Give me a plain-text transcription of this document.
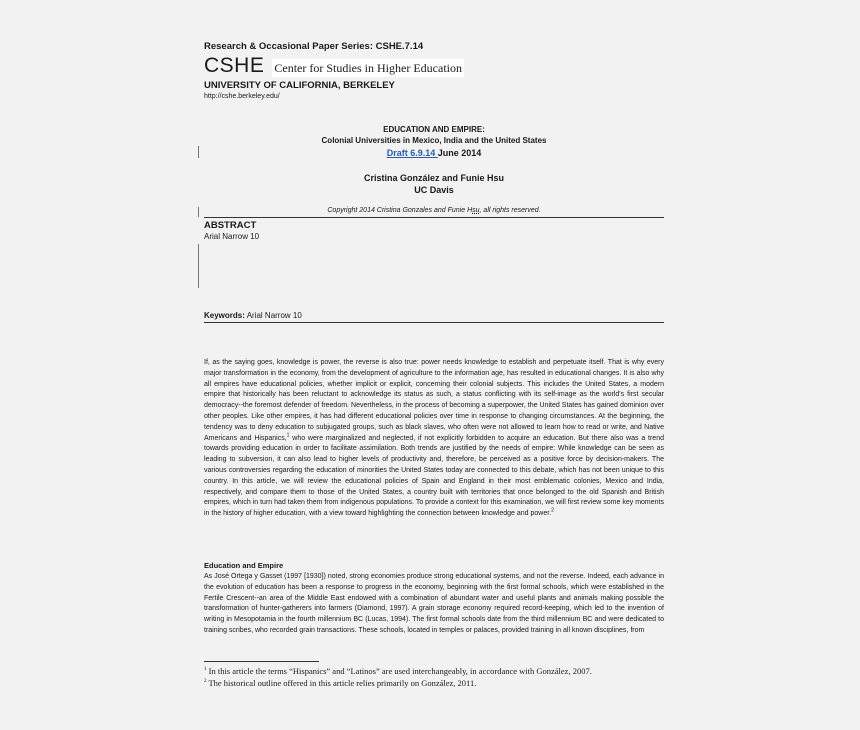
Research & Occasional Paper Series: CSHE.7.14
CSHE Center for Studies in Higher Education
UNIVERSITY OF CALIFORNIA, BERKELEY
http://cshe.berkeley.edu/
EDUCATION AND EMPIRE:
Colonial Universities in Mexico, India and the United States
Draft 6.9.14 June 2014
Cristina González and Funie Hsu
UC Davis
Copyright 2014 Cristina Gonzales and Funie Hsu, all rights reserved.
ABSTRACT
Arial Narrow 10
Keywords: Arial Narrow 10
If, as the saying goes, knowledge is power, the reverse is also true: power needs knowledge to establish and perpetuate itself. That is why every major transformation in the economy, from the development of agriculture to the information age, has resulted in educational changes. It is also why all empires have educational policies, whether implicit or explicit, concerning their colonial subjects. This includes the United States, a modern empire that historically has been reluctant to acknowledge its status as such, a status conflicting with its self-image as the world's first secular democracy--the foremost defender of freedom. Nevertheless, in the process of becoming a superpower, the United States has gained dominion over other peoples. Like other empires, it has had different educational policies over time in response to changing circumstances. At the beginning, the tendency was to deny education to subjugated groups, such as black slaves, who often were not allowed to learn how to read or write, and Native Americans and Hispanics,$^1$ who were marginalized and neglected, if not explicitly forbidden to acquire an education. But there also was a trend towards providing education in order to facilitate assimilation. Both trends are justified by the needs of empire: While knowledge can be seen as leading to subversion, it can also lead to higher levels of productivity and, therefore, be perceived as a positive force by decision-makers. The various controversies regarding the education of minorities the United States today are connected to this debate, which has not been unique to this country. In this article, we will review the educational policies of Spain and England in their most emblematic colonies, Mexico and India, respectively, and compare them to those of the United States, a country built with territories that once belonged to the old Spanish and British empires, which in turn had taken them from indigenous populations. To provide a context for this examination, we will first review some key moments in the history of higher education, with a view toward highlighting the connection between knowledge and power.$^2$
Education and Empire
As José Ortega y Gasset (1997 [1930]) noted, strong economies produce strong educational systems, and not the reverse. Indeed, each advance in the evolution of education has been a response to progress in the economy, beginning with the first formal schools, which were established in the Fertile Crescent--an area of the Middle East endowed with a combination of abundant water and useful plants and animals making possible the transformation of hunter-gatherers into farmers (Diamond, 1997). A grain storage economy required record-keeping, which led to the invention of writing in Mesopotamia in the fourth millennium BC (Lucas, 1994). The first formal schools date from the third millennium BC and were dedicated to training scribes, who recorded grain transactions. These schools, located in temples or palaces, provided training in all known disciplines, from
$^1$ In this article the terms “Hispanics” and “Latinos” are used interchangeably, in accordance with González, 2007.
$^2$ The historical outline offered in this article relies primarily on González, 2011.
